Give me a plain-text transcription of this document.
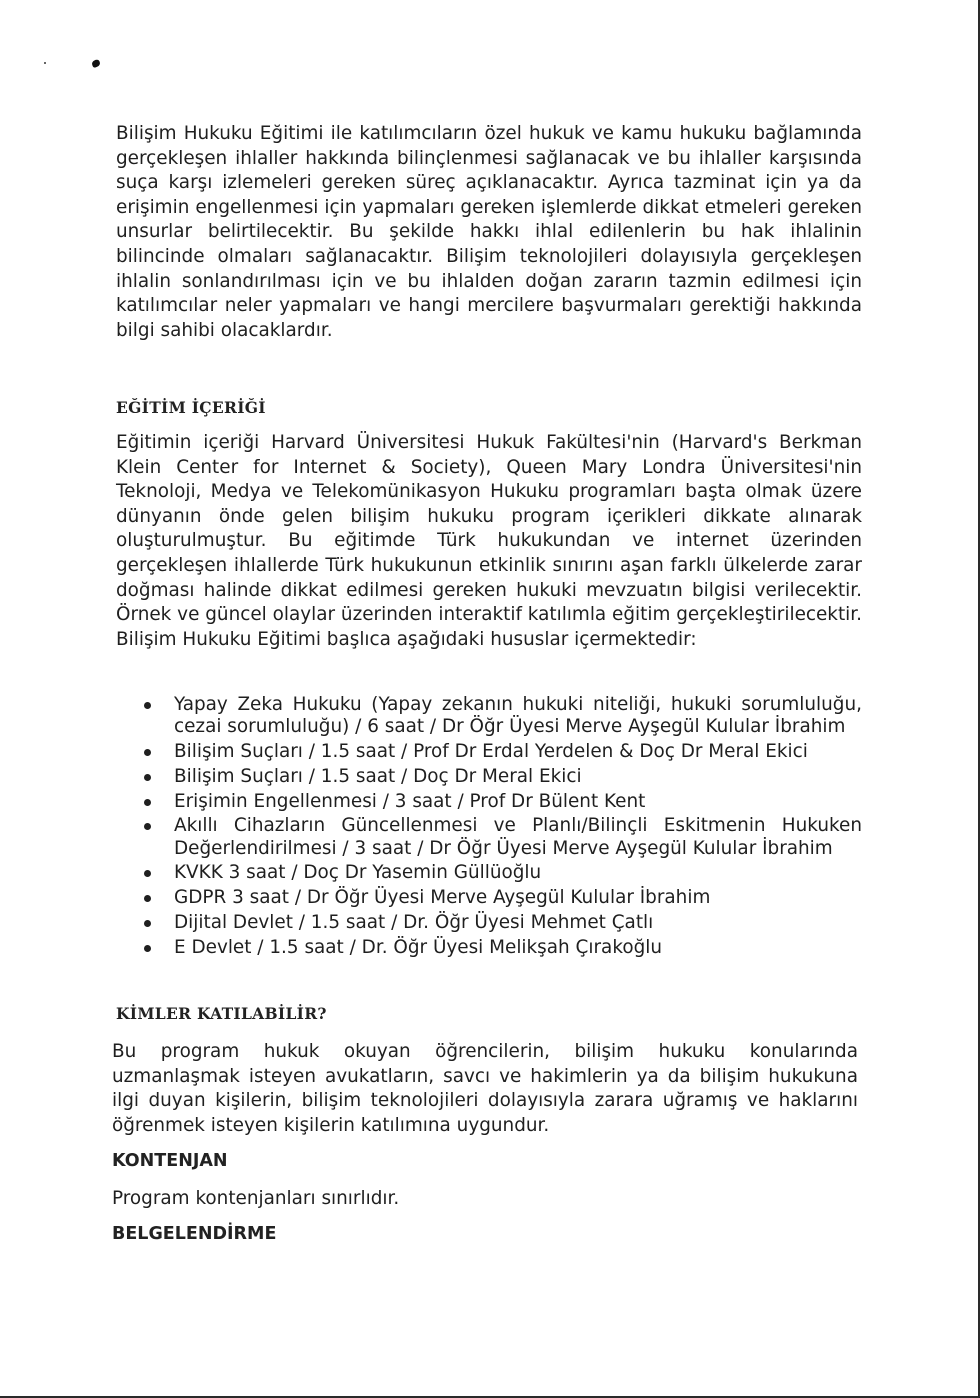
Bilişim Hukuku Eğitimi ile katılımcıların özel hukuk ve kamu hukuku bağlamında gerçekleşen ihlaller hakkında bilinçlenmesi sağlanacak ve bu ihlaller karşısında suça karşı izlemeleri gereken süreç açıklanacaktır. Ayrıca tazminat için ya da erişimin engellenmesi için yapmaları gereken işlemlerde dikkat etmeleri gereken unsurlar belirtilecektir. Bu şekilde hakkı ihlal edilenlerin bu hak ihlalinin bilincinde olmaları sağlanacaktır. Bilişim teknolojileri dolayısıyla gerçekleşen ihlalin sonlandırılması için ve bu ihlalden doğan zararın tazmin edilmesi için katılımcılar neler yapmaları ve hangi mercilere başvurmaları gerektiği hakkında bilgi sahibi olacaklardır.

EĞİTİM İÇERİĞİ

Eğitimin içeriği Harvard Üniversitesi Hukuk Fakültesi'nin (Harvard's Berkman Klein Center for Internet & Society), Queen Mary Londra Üniversitesi'nin Teknoloji, Medya ve Telekomünikasyon Hukuku programları başta olmak üzere dünyanın önde gelen bilişim hukuku program içerikleri dikkate alınarak oluşturulmuştur. Bu eğitimde Türk hukukundan ve internet üzerinden gerçekleşen ihlallerde Türk hukukunun etkinlik sınırını aşan farklı ülkelerde zarar doğması halinde dikkat edilmesi gereken hukuki mevzuatın bilgisi verilecektir. Örnek ve güncel olaylar üzerinden interaktif katılımla eğitim gerçekleştirilecektir. Bilişim Hukuku Eğitimi başlıca aşağıdaki hususlar içermektedir:

Yapay Zeka Hukuku (Yapay zekanın hukuki niteliği, hukuki sorumluluğu, cezai sorumluluğu) / 6 saat / Dr Öğr Üyesi Merve Ayşegül Kulular İbrahim
Bilişim Suçları / 1.5 saat / Prof Dr Erdal Yerdelen & Doç Dr Meral Ekici
Bilişim Suçları / 1.5 saat / Doç Dr Meral Ekici
Erişimin Engellenmesi / 3 saat / Prof Dr Bülent Kent
Akıllı Cihazların Güncellenmesi ve Planlı/Bilinçli Eskitmenin Hukuken Değerlendirilmesi / 3 saat / Dr Öğr Üyesi Merve Ayşegül Kulular İbrahim
KVKK 3 saat / Doç Dr Yasemin Güllüoğlu
GDPR 3 saat / Dr Öğr Üyesi Merve Ayşegül Kulular İbrahim
Dijital Devlet / 1.5 saat / Dr. Öğr Üyesi Mehmet Çatlı
E Devlet / 1.5 saat / Dr. Öğr Üyesi Melikşah Çırakoğlu
KİMLER KATILABİLİR?

Bu program hukuk okuyan öğrencilerin, bilişim hukuku konularında uzmanlaşmak isteyen avukatların, savcı ve hakimlerin ya da bilişim hukukuna ilgi duyan kişilerin, bilişim teknolojileri dolayısıyla zarara uğramış ve haklarını öğrenmek isteyen kişilerin katılımına uygundur.

KONTENJAN

Program kontenjanları sınırlıdır.

BELGELENDİRME
